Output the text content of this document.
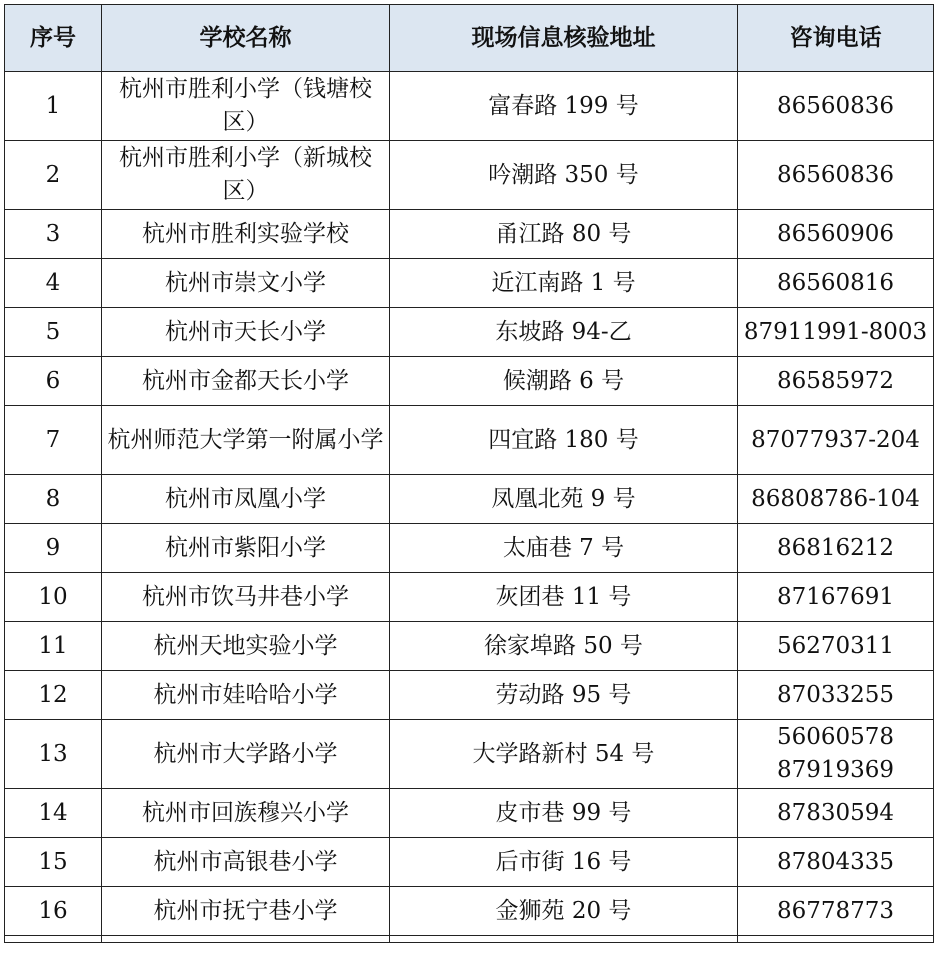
序号	学校名称	现场信息核验地址	咨询电话
1	杭州市胜利小学（钱塘校区）	富春路 199 号	86560836

2	杭州市胜利小学（新城校区）	吟潮路 350 号	86560836

3	杭州市胜利实验学校	甬江路 80 号	86560906

4	杭州市崇文小学	近江南路 1 号	86560816

5	杭州市天长小学	东坡路 94-乙	87911991-8003

6	杭州市金都天长小学	候潮路 6 号	86585972

7	杭州师范大学第一附属小学	四宜路 180 号	87077937-204

8	杭州市凤凰小学	凤凰北苑 9 号	86808786-104

9	杭州市紫阳小学	太庙巷 7 号	86816212

10	杭州市饮马井巷小学	灰团巷 11 号	87167691

11	杭州天地实验小学	徐家埠路 50 号	56270311

12	杭州市娃哈哈小学	劳动路 95 号	87033255

13	杭州市大学路小学	大学路新村 54 号	56060578
87919369

14	杭州市回族穆兴小学	皮市巷 99 号	87830594

15	杭州市高银巷小学	后市街 16 号	87804335

16	杭州市抚宁巷小学	金狮苑 20 号	86778773
